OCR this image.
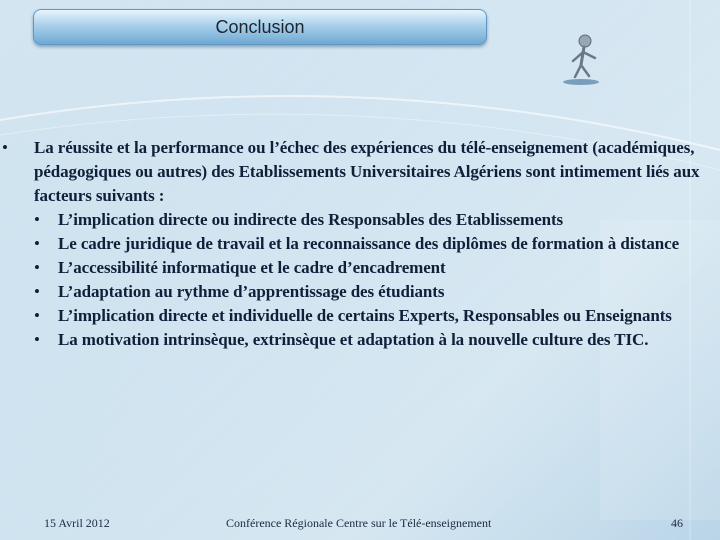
Conclusion
• La réussite et la performance ou l’échec des expériences du télé-enseignement (académiques, pédagogiques ou autres) des Etablissements Universitaires Algériens sont intimement liés aux facteurs suivants :
• L’implication directe ou indirecte des Responsables des Etablissements
• Le cadre juridique de travail et la reconnaissance des diplômes de formation à distance
• L’accessibilité informatique et le cadre d’encadrement
• L’adaptation au rythme d’apprentissage des étudiants
• L’implication directe et individuelle de certains Experts, Responsables ou Enseignants
• La motivation intrinsèque, extrinsèque et adaptation à la nouvelle culture des TIC.
15 Avril 2012	Conférence Régionale Centre sur le Télé-enseignement	46
